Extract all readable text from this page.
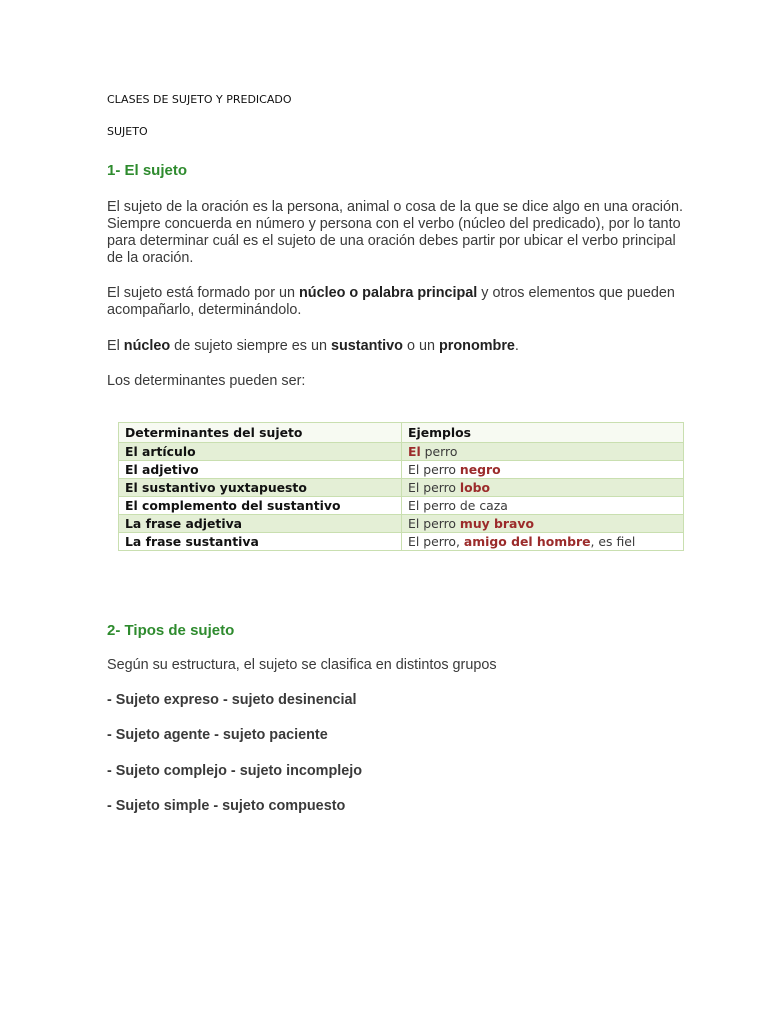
CLASES DE SUJETO Y PREDICADO
SUJETO
1- El sujeto
El sujeto de la oración es la persona, animal o cosa de la que se dice algo en una oración. Siempre concuerda en número y persona con el verbo (núcleo del predicado), por lo tanto para determinar cuál es el sujeto de una oración debes partir por ubicar el verbo principal de la oración.
El sujeto está formado por un núcleo o palabra principal y otros elementos que pueden acompañarlo, determinándolo.
El núcleo de sujeto siempre es un sustantivo o un pronombre.
Los determinantes pueden ser:
Determinantes del sujeto	Ejemplos
El artículo	El perro
El adjetivo	El perro negro
El sustantivo yuxtapuesto	El perro lobo
El complemento del sustantivo	El perro de caza
La frase adjetiva	El perro muy bravo
La frase sustantiva	El perro, amigo del hombre, es fiel
2- Tipos de sujeto
Según su estructura, el sujeto se clasifica en distintos grupos
- Sujeto expreso - sujeto desinencial
- Sujeto agente - sujeto paciente
- Sujeto complejo - sujeto incomplejo
- Sujeto simple - sujeto compuesto
